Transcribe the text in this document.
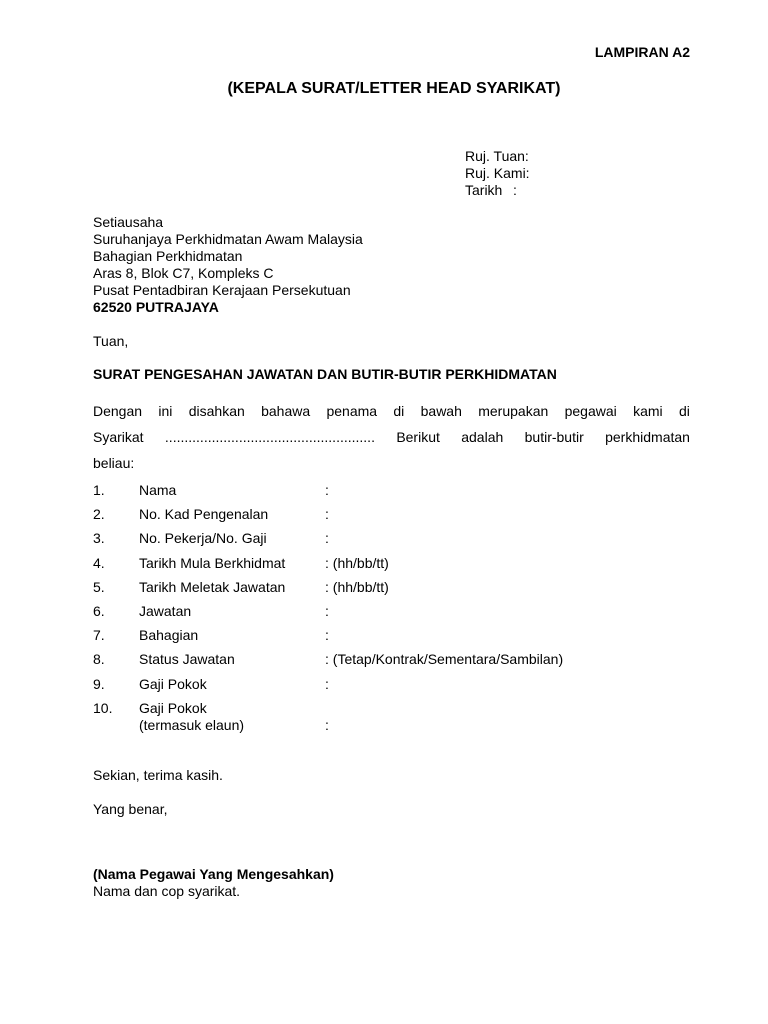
LAMPIRAN A2
(KEPALA SURAT/LETTER HEAD SYARIKAT)
Ruj. Tuan:
Ruj. Kami:
Tarikh :
Setiausaha
Suruhanjaya Perkhidmatan Awam Malaysia
Bahagian Perkhidmatan
Aras 8, Blok C7, Kompleks C
Pusat Pentadbiran Kerajaan Persekutuan
62520 PUTRAJAYA
Tuan,
SURAT PENGESAHAN JAWATAN DAN BUTIR-BUTIR PERKHIDMATAN
Dengan ini disahkan bahawa penama di bawah merupakan pegawai kami di
Syarikat ...................................................... Berikut adalah butir-butir perkhidmatan
beliau:
1. Nama	:
2. No. Kad Pengenalan	:
3. No. Pekerja/No. Gaji	:
4. Tarikh Mula Berkhidmat	: (hh/bb/tt)
5. Tarikh Meletak Jawatan	: (hh/bb/tt)
6. Jawatan	:
7. Bahagian	:
8. Status Jawatan	: (Tetap/Kontrak/Sementara/Sambilan)
9. Gaji Pokok	:
10. Gaji Pokok
(termasuk elaun)	:
Sekian, terima kasih.
Yang benar,
(Nama Pegawai Yang Mengesahkan)
Nama dan cop syarikat.
